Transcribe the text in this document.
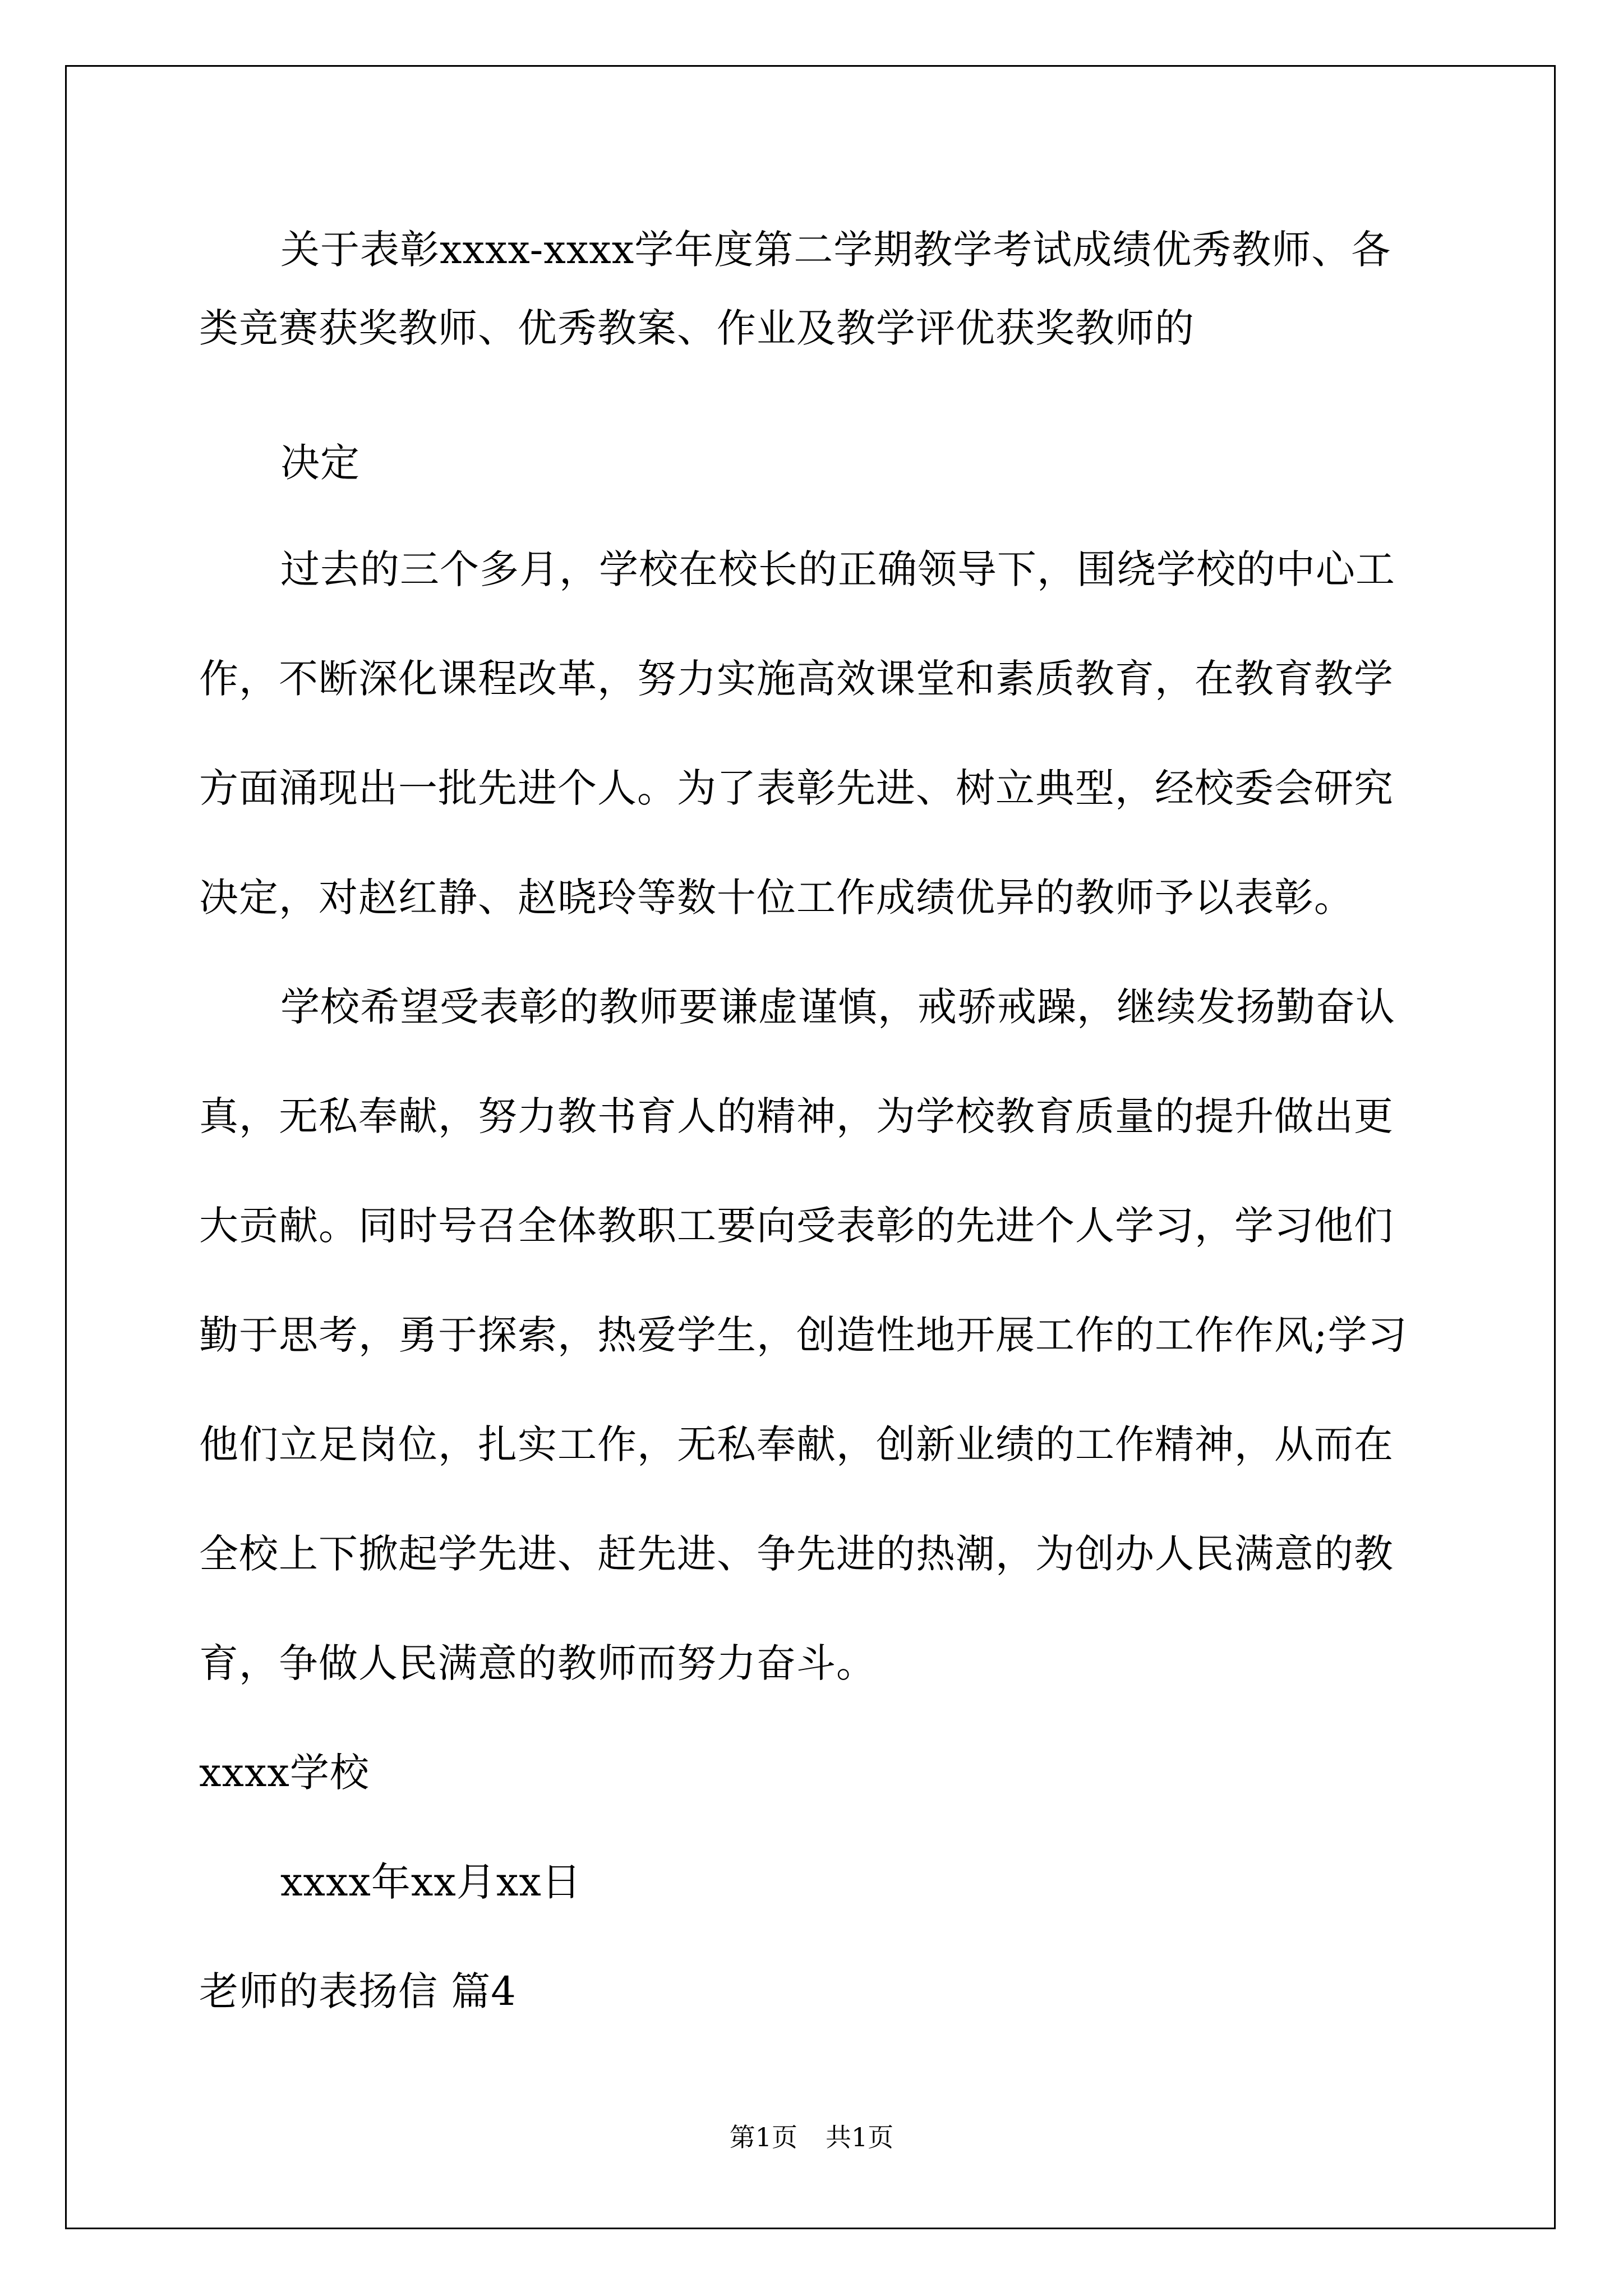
关于表彰xxxx-xxxx学年度第二学期教学考试成绩优秀教师、各
类竞赛获奖教师、优秀教案、作业及教学评优获奖教师的
决定
过去的三个多月，学校在校长的正确领导下，围绕学校的中心工
作，不断深化课程改革，努力实施高效课堂和素质教育，在教育教学
方面涌现出一批先进个人。为了表彰先进、树立典型，经校委会研究
决定，对赵红静、赵晓玲等数十位工作成绩优异的教师予以表彰。
学校希望受表彰的教师要谦虚谨慎，戒骄戒躁，继续发扬勤奋认
真，无私奉献，努力教书育人的精神，为学校教育质量的提升做出更
大贡献。同时号召全体教职工要向受表彰的先进个人学习，学习他们
勤于思考，勇于探索，热爱学生，创造性地开展工作的工作作风;学习
他们立足岗位，扎实工作，无私奉献，创新业绩的工作精神，从而在
全校上下掀起学先进、赶先进、争先进的热潮，为创办人民满意的教
育，争做人民满意的教师而努力奋斗。
xxxx学校
xxxx年xx月xx日
老师的表扬信 篇4
第1页 共1页
